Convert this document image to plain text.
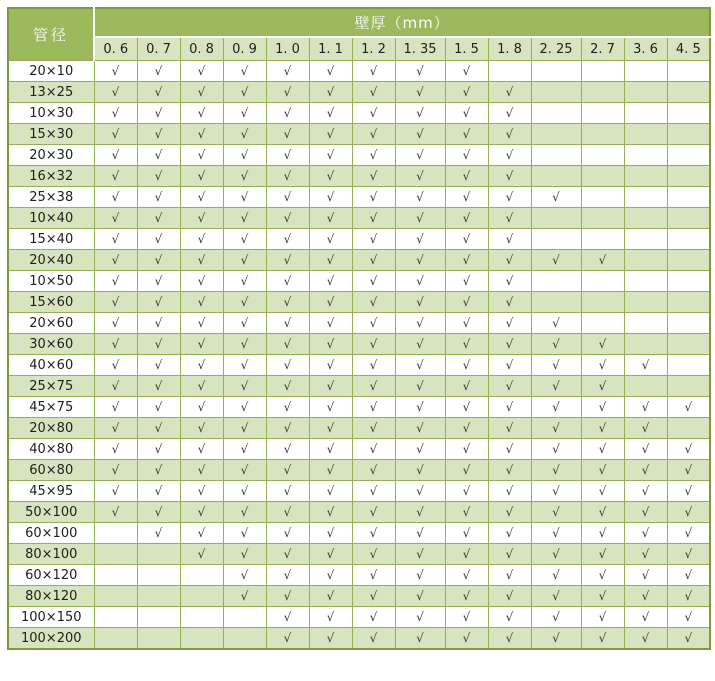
管径	壁厚（mm）													
	0. 6	0. 7	0. 8	0. 9	1. 0	1. 1	1. 2	1. 35	1. 5	1. 8	2. 25	2. 7	3. 6	4. 5
20×10	√	√	√	√	√	√	√	√	√					
13×25	√	√	√	√	√	√	√	√	√	√				
10×30	√	√	√	√	√	√	√	√	√	√				
15×30	√	√	√	√	√	√	√	√	√	√				
20×30	√	√	√	√	√	√	√	√	√	√				
16×32	√	√	√	√	√	√	√	√	√	√				
25×38	√	√	√	√	√	√	√	√	√	√	√			
10×40	√	√	√	√	√	√	√	√	√	√				
15×40	√	√	√	√	√	√	√	√	√	√				
20×40	√	√	√	√	√	√	√	√	√	√	√	√		
10×50	√	√	√	√	√	√	√	√	√	√				
15×60	√	√	√	√	√	√	√	√	√	√				
20×60	√	√	√	√	√	√	√	√	√	√	√			
30×60	√	√	√	√	√	√	√	√	√	√	√	√		
40×60	√	√	√	√	√	√	√	√	√	√	√	√	√	
25×75	√	√	√	√	√	√	√	√	√	√	√	√		
45×75	√	√	√	√	√	√	√	√	√	√	√	√	√	√
20×80	√	√	√	√	√	√	√	√	√	√	√	√	√	
40×80	√	√	√	√	√	√	√	√	√	√	√	√	√	√
60×80	√	√	√	√	√	√	√	√	√	√	√	√	√	√
45×95	√	√	√	√	√	√	√	√	√	√	√	√	√	√
50×100	√	√	√	√	√	√	√	√	√	√	√	√	√	√
60×100		√	√	√	√	√	√	√	√	√	√	√	√	√
80×100			√	√	√	√	√	√	√	√	√	√	√	√
60×120				√	√	√	√	√	√	√	√	√	√	√
80×120				√	√	√	√	√	√	√	√	√	√	√
100×150					√	√	√	√	√	√	√	√	√	√
100×200					√	√	√	√	√	√	√	√	√	√
